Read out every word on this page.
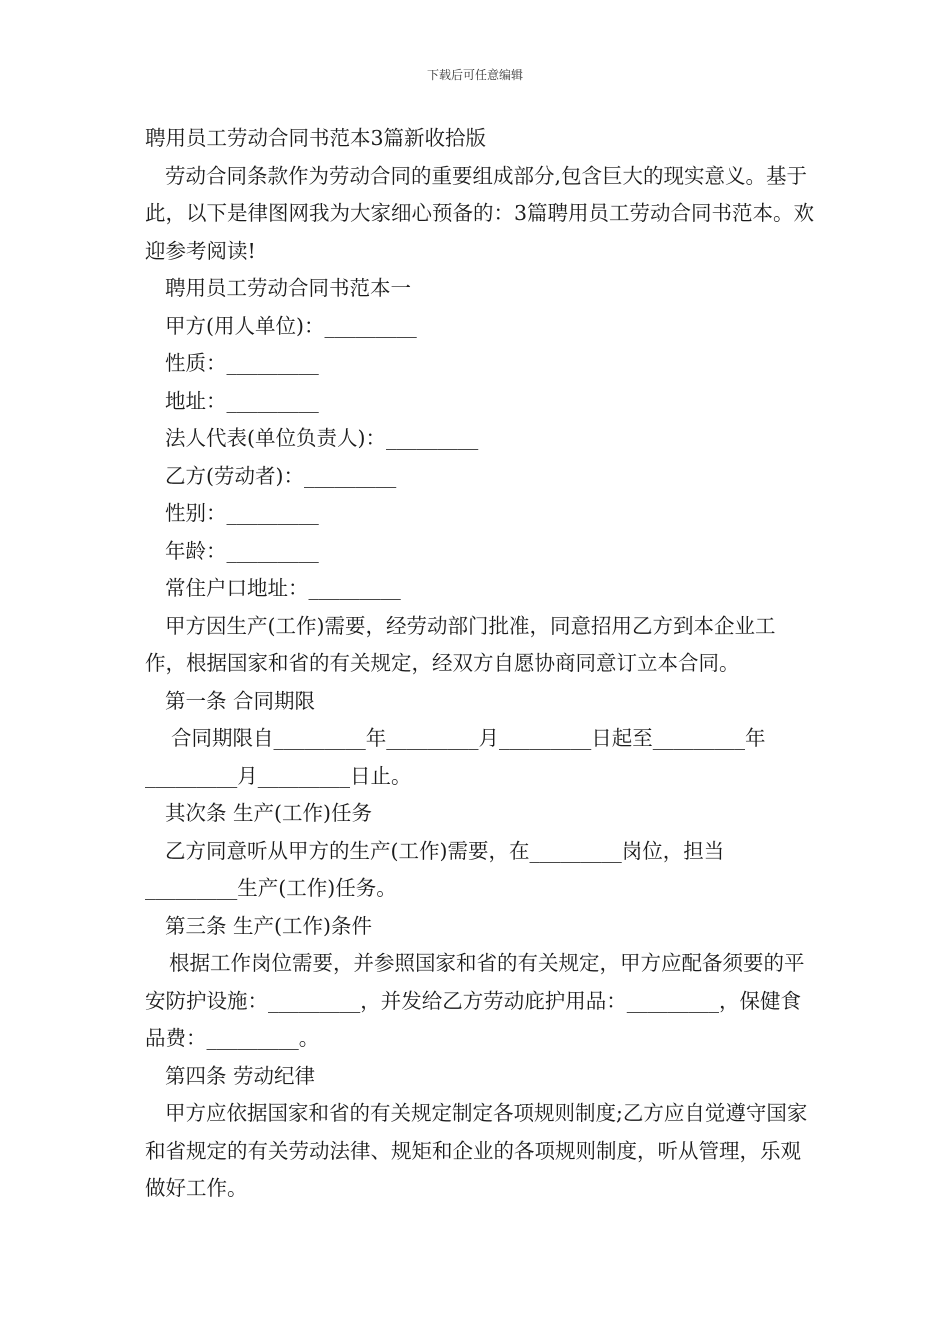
下载后可任意编辑
聘用员工劳动合同书范本3篇新收拾版
劳动合同条款作为劳动合同的重要组成部分,包含巨大的现实意义。基于此，以下是律图网我为大家细心预备的：3篇聘用员工劳动合同书范本。欢迎参考阅读!
聘用员工劳动合同书范本一
甲方(用人单位)：_________
性质：_________
地址：_________
法人代表(单位负责人)：_________
乙方(劳动者)：_________
性别：_________
年龄：_________
常住户口地址：_________
甲方因生产(工作)需要，经劳动部门批准，同意招用乙方到本企业工作，根据国家和省的有关规定，经双方自愿协商同意订立本合同。
第一条 合同期限
合同期限自_________年_________月_________日起至_________年_________月_________日止。
其次条 生产(工作)任务
乙方同意听从甲方的生产(工作)需要，在_________岗位，担当_________生产(工作)任务。
第三条 生产(工作)条件
根据工作岗位需要，并参照国家和省的有关规定，甲方应配备须要的平安防护设施：_________，并发给乙方劳动庇护用品：_________，保健食品费：_________。
第四条 劳动纪律
甲方应依据国家和省的有关规定制定各项规则制度;乙方应自觉遵守国家和省规定的有关劳动法律、规矩和企业的各项规则制度，听从管理，乐观做好工作。
